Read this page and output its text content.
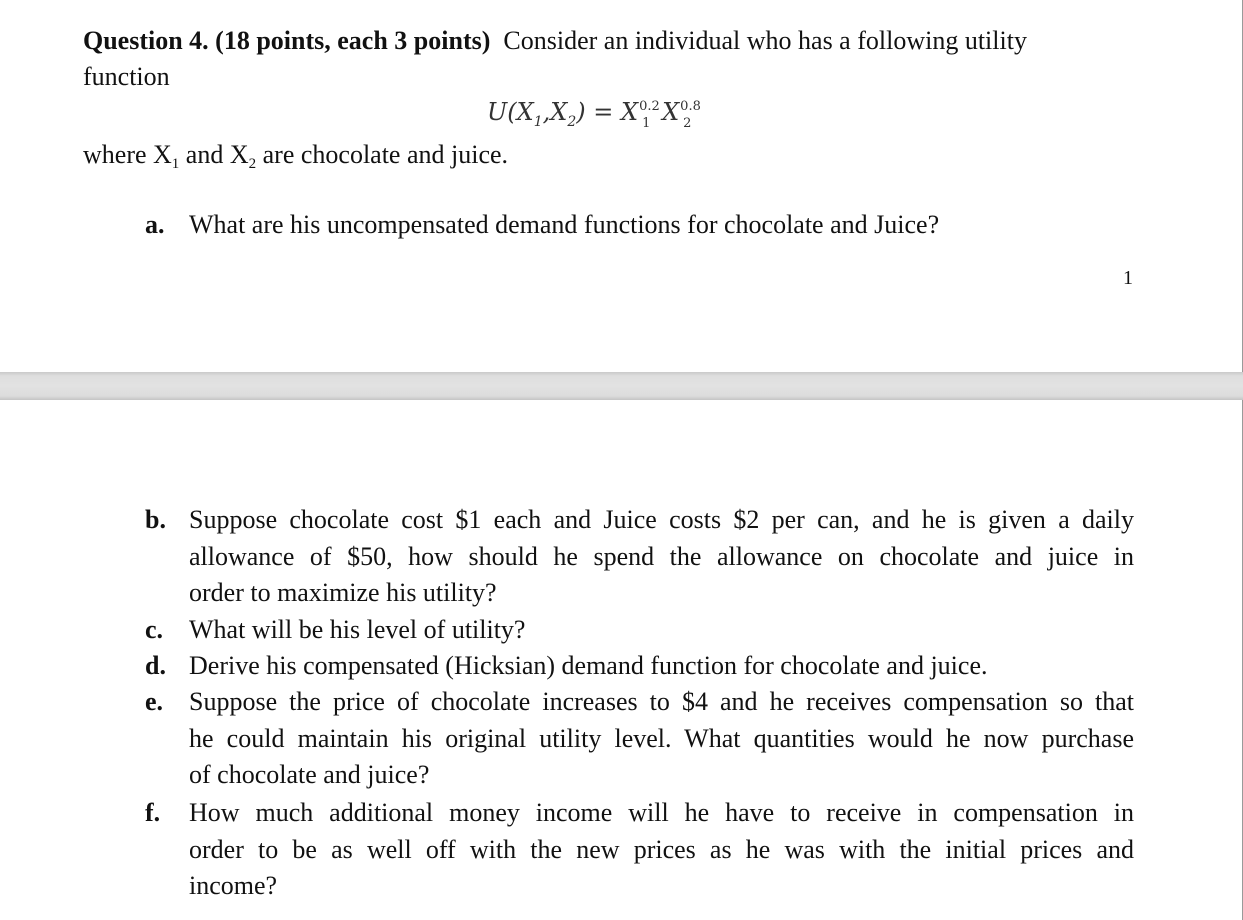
Question 4. (18 points, each 3 points) Consider an individual who has a following utility
function
$U(X_1,X_2) = X$ 0.2
1 X 0.8
2
where X1 and X2 are chocolate and juice.
a. What are his uncompensated demand functions for chocolate and Juice?

1
b. Suppose chocolate cost $1 each and Juice costs $2 per can, and he is given a daily

allowance of $50, how should he spend the allowance on chocolate and juice in

order to maximize his utility?

c. What will be his level of utility?

d. Derive his compensated (Hicksian) demand function for chocolate and juice.

e. Suppose the price of chocolate increases to $4 and he receives compensation so that

he could maintain his original utility level. What quantities would he now purchase

of chocolate and juice?

f. How much additional money income will he have to receive in compensation in

order to be as well off with the new prices as he was with the initial prices and

income?
